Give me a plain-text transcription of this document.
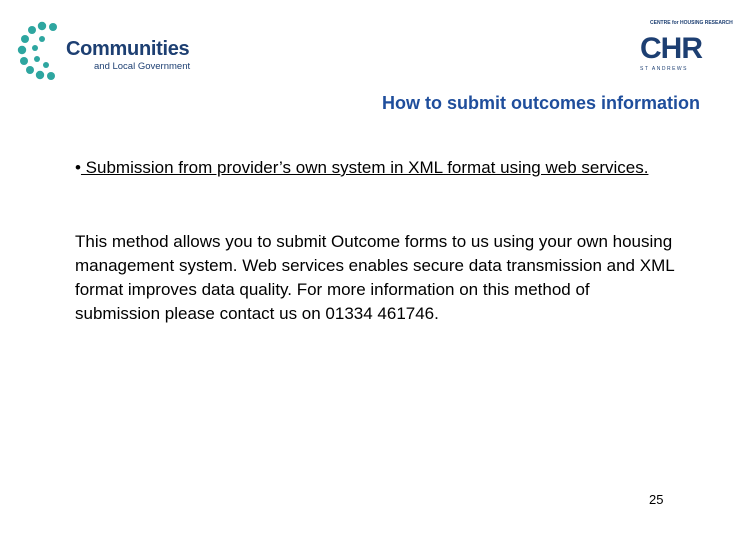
Communities
and Local Government
CENTRE for HOUSING RESEARCH
CHR
ST ANDREWS
How to submit outcomes information
• Submission from provider’s own system in XML format using web services.
This method allows you to submit Outcome forms to us using your own housing management system. Web services enables secure data transmission and XML format improves data quality. For more information on this method of submission please contact us on 01334 461746.
25
